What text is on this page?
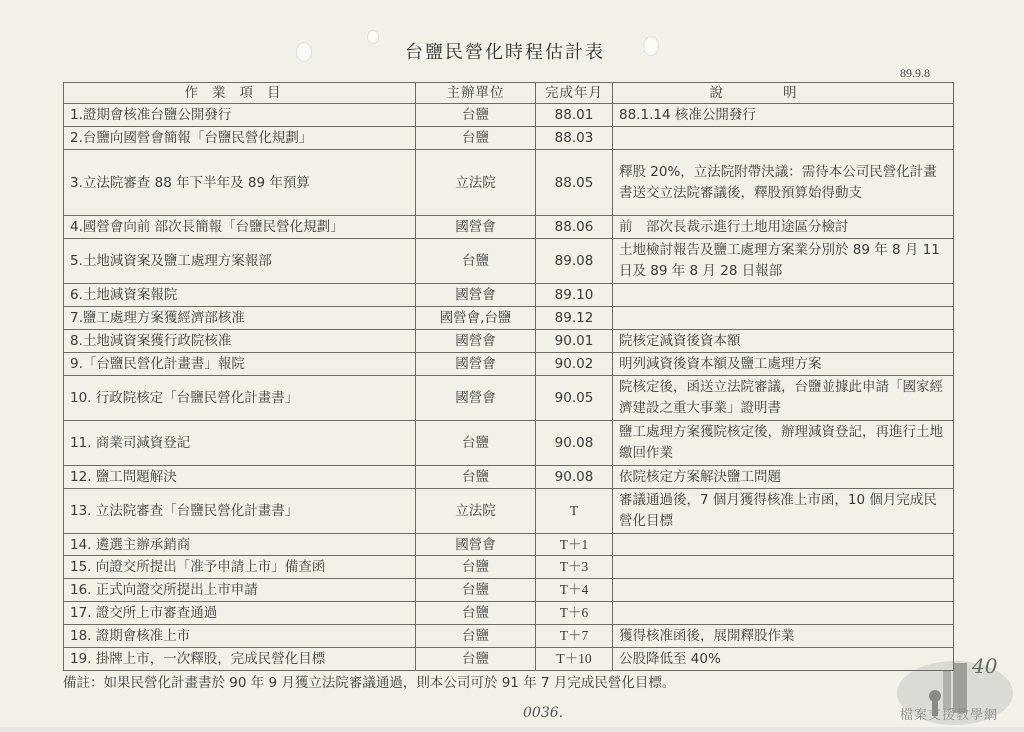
台鹽民營化時程估計表
89.9.8
作業項目	主辦單位	完成年月	說明
1.證期會核准台鹽公開發行	台鹽	88.01	88.1.14 核准公開發行
2.台鹽向國營會簡報「台鹽民營化規劃」	台鹽	88.03	
3.立法院審查 88 年下半年及 89 年預算	立法院	88.05	釋股 20%，立法院附帶決議：需待本公司民營化計畫書送交立法院審議後，釋股預算始得動支
4.國營會向前 部次長簡報「台鹽民營化規劃」	國營會	88.06	前　部次長裁示進行土地用途區分檢討
5.土地減資案及鹽工處理方案報部	台鹽	89.08	土地檢討報告及鹽工處理方案業分別於 89 年 8 月 11 日及 89 年 8 月 28 日報部
6.土地減資案報院	國營會	89.10	
7.鹽工處理方案獲經濟部核准	國營會,台鹽	89.12	
8.土地減資案獲行政院核准	國營會	90.01	院核定減資後資本額
9.「台鹽民營化計畫書」報院	國營會	90.02	明列減資後資本額及鹽工處理方案
10. 行政院核定「台鹽民營化計畫書」	國營會	90.05	院核定後，函送立法院審議，台鹽並據此申請「國家經濟建設之重大事業」證明書
11. 商業司減資登記	台鹽	90.08	鹽工處理方案獲院核定後，辦理減資登記，再進行土地繳回作業
12. 鹽工問題解決	台鹽	90.08	依院核定方案解決鹽工問題
13. 立法院審查「台鹽民營化計畫書」	立法院	T	審議通過後，7 個月獲得核准上市函，10 個月完成民營化目標
14. 遴選主辦承銷商	國營會	T＋1	
15. 向證交所提出「准予申請上市」備查函	台鹽	T＋3	
16. 正式向證交所提出上市申請	台鹽	T＋4	
17. 證交所上市審查通過	台鹽	T＋6	
18. 證期會核准上市	台鹽	T＋7	獲得核准函後，展開釋股作業
19. 掛牌上市，一次釋股，完成民營化目標	台鹽	T＋10	公股降低至 40%
備註：如果民營化計畫書於 90 年 9 月獲立法院審議通過，則本公司可於 91 年 7 月完成民營化目標。
0036.
40
檔案支援教學網
